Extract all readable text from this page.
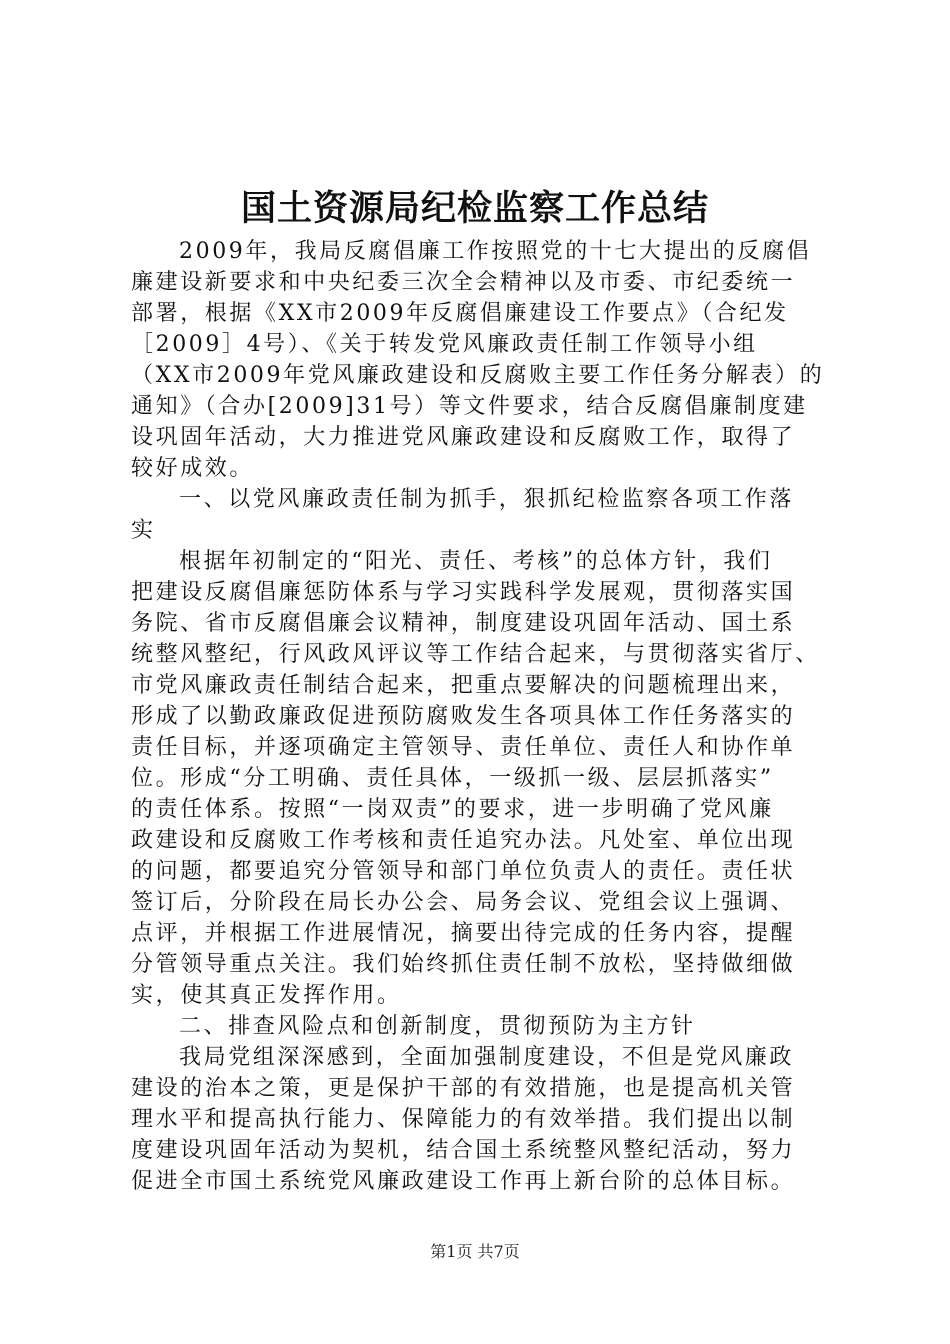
国土资源局纪检监察工作总结
2009年，我局反腐倡廉工作按照党的十七大提出的反腐倡
廉建设新要求和中央纪委三次全会精神以及市委、市纪委统一
部署，根据《XX市2009年反腐倡廉建设工作要点》（合纪发
［2009］4号）、《关于转发党风廉政责任制工作领导小组
（XX市2009年党风廉政建设和反腐败主要工作任务分解表）的
通知》（合办[2009]31号）等文件要求，结合反腐倡廉制度建
设巩固年活动，大力推进党风廉政建设和反腐败工作，取得了
较好成效。
一、以党风廉政责任制为抓手，狠抓纪检监察各项工作落
实
根据年初制定的“阳光、责任、考核”的总体方针，我们
把建设反腐倡廉惩防体系与学习实践科学发展观，贯彻落实国
务院、省市反腐倡廉会议精神，制度建设巩固年活动、国土系
统整风整纪，行风政风评议等工作结合起来，与贯彻落实省厅、
市党风廉政责任制结合起来，把重点要解决的问题梳理出来，
形成了以勤政廉政促进预防腐败发生各项具体工作任务落实的
责任目标，并逐项确定主管领导、责任单位、责任人和协作单
位。形成“分工明确、责任具体，一级抓一级、层层抓落实”
的责任体系。按照“一岗双责”的要求，进一步明确了党风廉
政建设和反腐败工作考核和责任追究办法。凡处室、单位出现
的问题，都要追究分管领导和部门单位负责人的责任。责任状
签订后，分阶段在局长办公会、局务会议、党组会议上强调、
点评，并根据工作进展情况，摘要出待完成的任务内容，提醒
分管领导重点关注。我们始终抓住责任制不放松，坚持做细做
实，使其真正发挥作用。
二、排查风险点和创新制度，贯彻预防为主方针
我局党组深深感到，全面加强制度建设，不但是党风廉政
建设的治本之策，更是保护干部的有效措施，也是提高机关管
理水平和提高执行能力、保障能力的有效举措。我们提出以制
度建设巩固年活动为契机，结合国土系统整风整纪活动，努力
促进全市国土系统党风廉政建设工作再上新台阶的总体目标。
第1页 共7页
